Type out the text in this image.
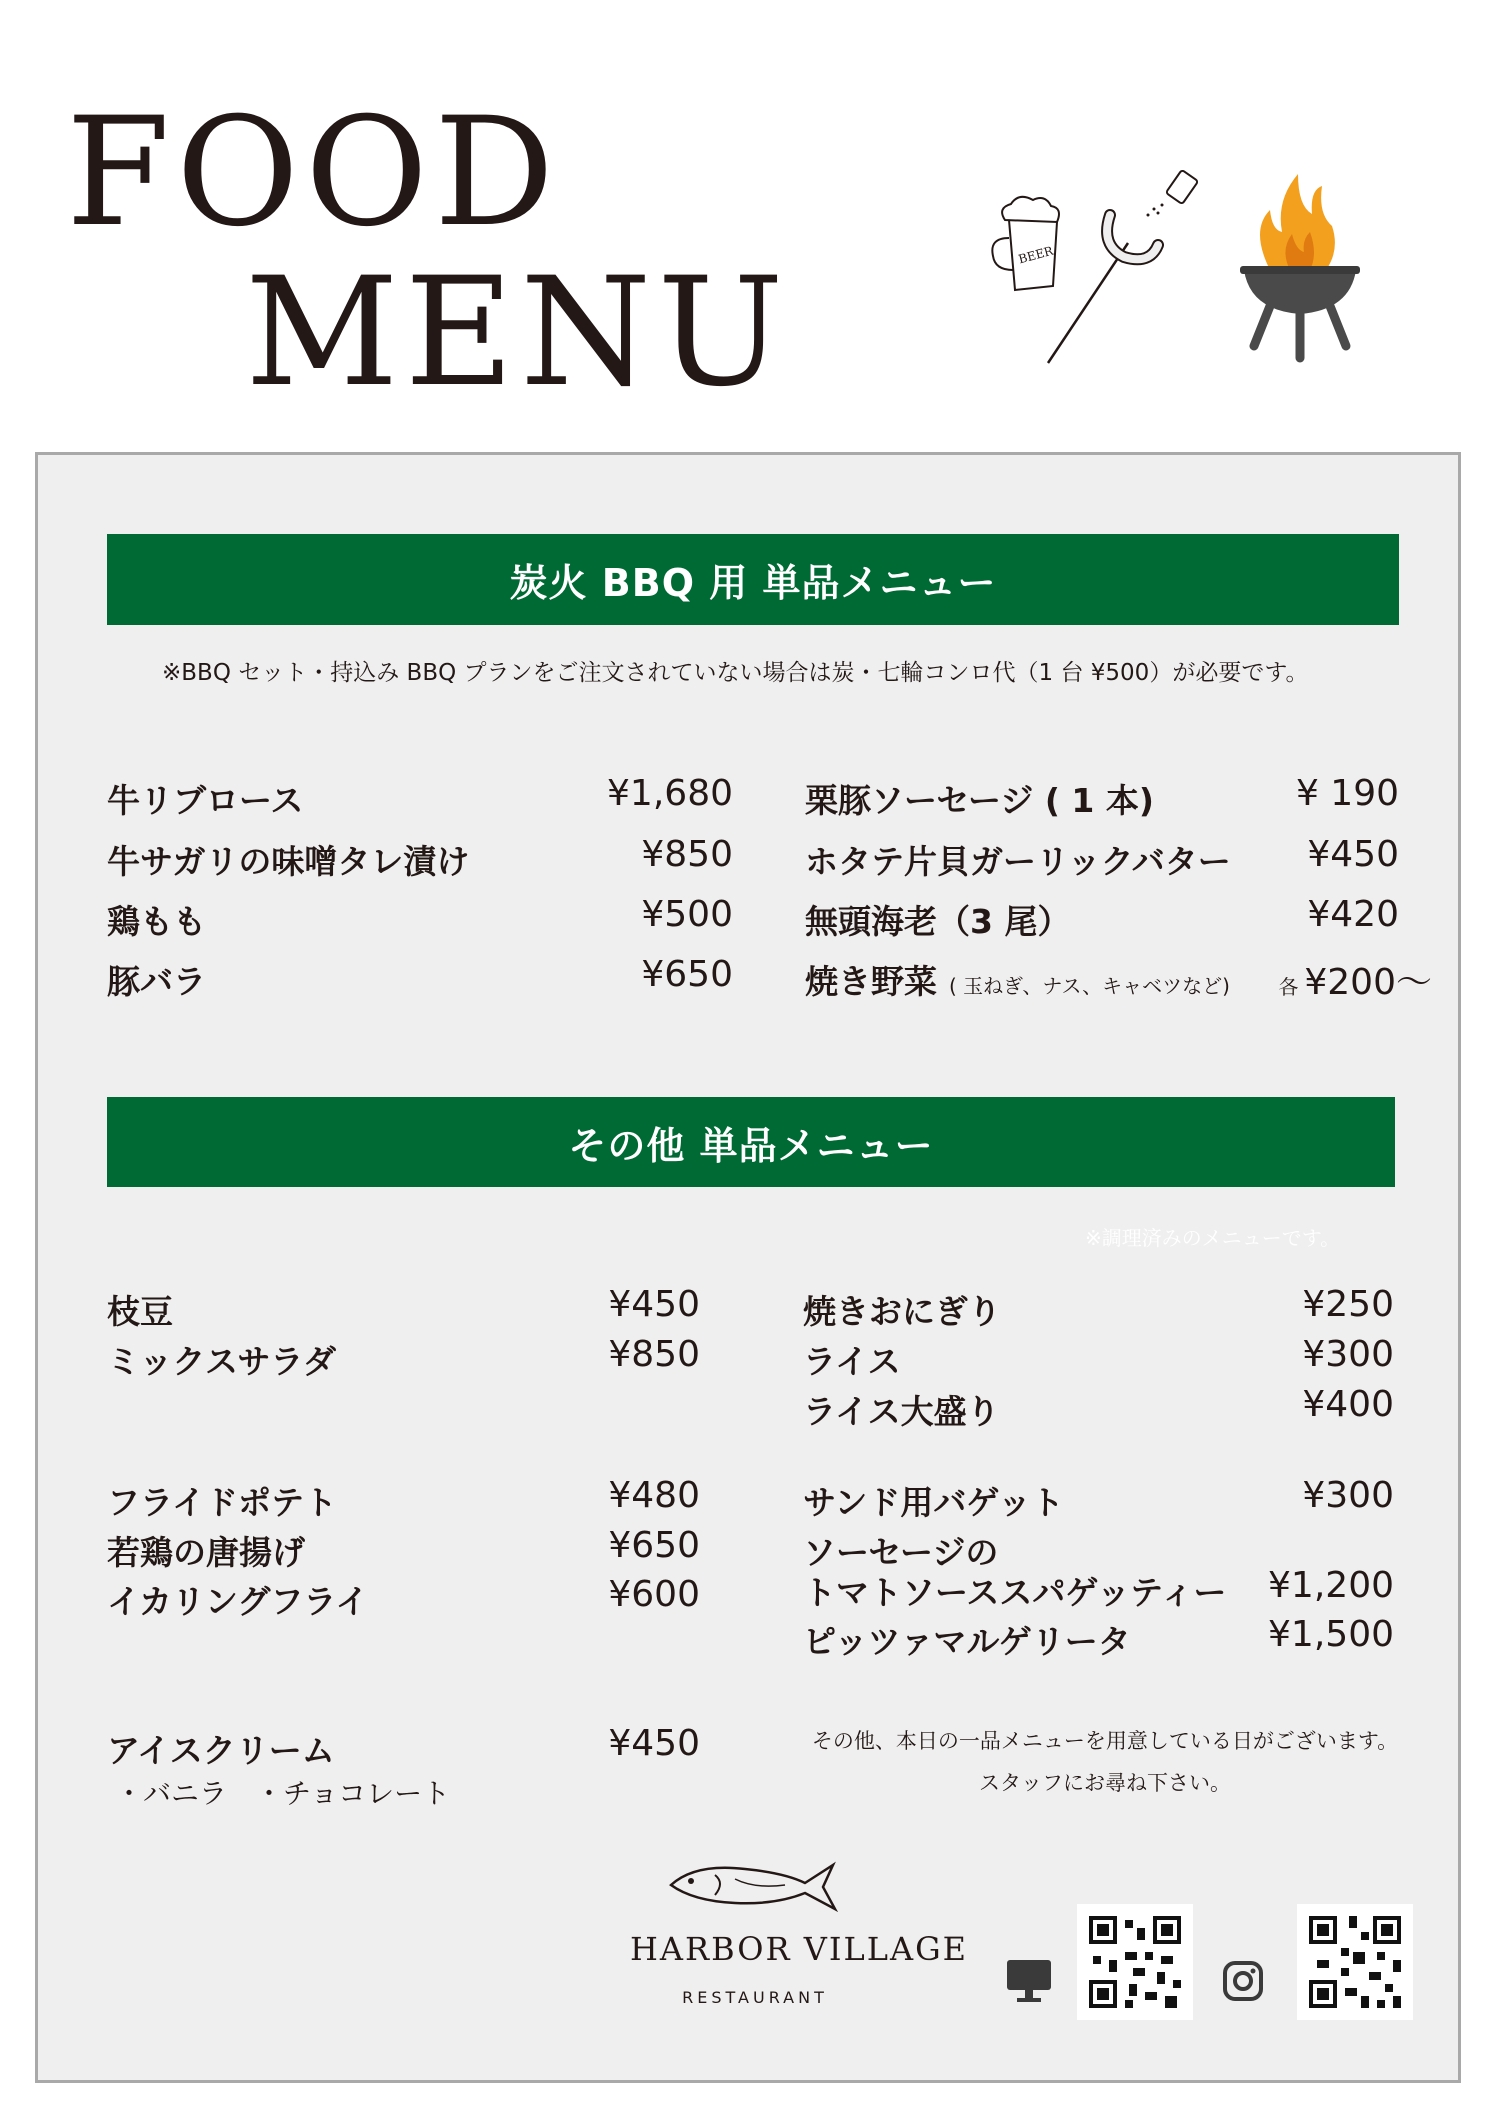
FOOD
MENU	BEER
炭火 BBQ 用 単品メニュー
※BBQ セット・持込み BBQ プランをご注文されていない場合は炭・七輪コンロ代（1 台 ¥500）が必要です。
牛リブロース	¥1,680
牛サガリの味噌タレ漬け	¥850
鶏もも	¥500
豚バラ	¥650
栗豚ソーセージ ( 1 本)	¥ 190
ホタテ片貝ガーリックバター ¥450
無頭海老（3 尾）	¥420
焼き野菜 ( 玉ねぎ、ナス、キャベツなど) 各 ¥200～
その他 単品メニュー
※調理済みのメニューです。
枝豆	¥450
ミックスサラダ	¥850
フライドポテト	¥480
若鶏の唐揚げ	¥650
イカリングフライ	¥600
アイスクリーム	¥450
・バニラ　・チョコレート
焼きおにぎり	¥250
ライス	¥300
ライス大盛り	¥400
サンド用バゲット	¥300
ソーセージの
トマトソーススパゲッティー ¥1,200
ピッツァマルゲリータ	¥1,500
その他、本日の一品メニューを用意している日がございます。
スタッフにお尋ね下さい。
HARBOR VILLAGE
RESTAURANT
